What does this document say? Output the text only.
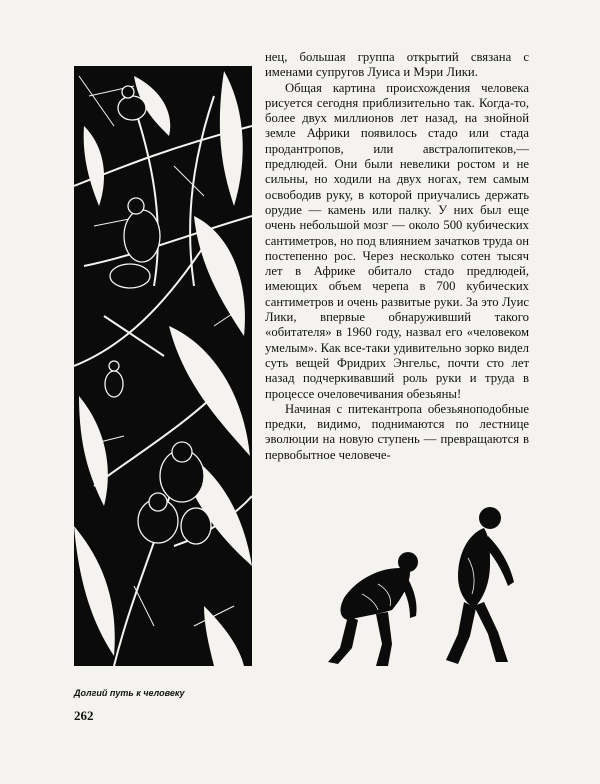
нец, большая группа открытий связана с именами супругов Луиса и Мэри Лики.

Общая картина происхождения человека рисуется сегодня приблизительно так. Когда-то, более двух миллионов лет назад, на знойной земле Африки появилось стадо или стада продантропов, или австралопитеков,— предлюдей. Они были невелики ростом и не сильны, но ходили на двух ногах, тем самым освободив руку, в которой приучались держать орудие — камень или палку. У них был еще очень небольшой мозг — около 500 кубических сантиметров, но под влиянием зачатков труда он постепенно рос. Через несколько сотен тысяч лет в Африке обитало стадо предлюдей, имеющих объем черепа в 700 кубических сантиметров и очень развитые руки. За это Луис Лики, впервые обнаруживший такого «обитателя» в 1960 году, назвал его «человеком умелым». Как все-таки удивительно зорко видел суть вещей Фридрих Энгельс, почти сто лет назад подчеркивавший роль руки и труда в процессе очеловечивания обезьяны!

Начиная с питекантропа обезьяноподобные предки, видимо, поднимаются по лестнице эволюции на новую ступень — превращаются в первобытное человече-

Долгий путь к человеку
262
